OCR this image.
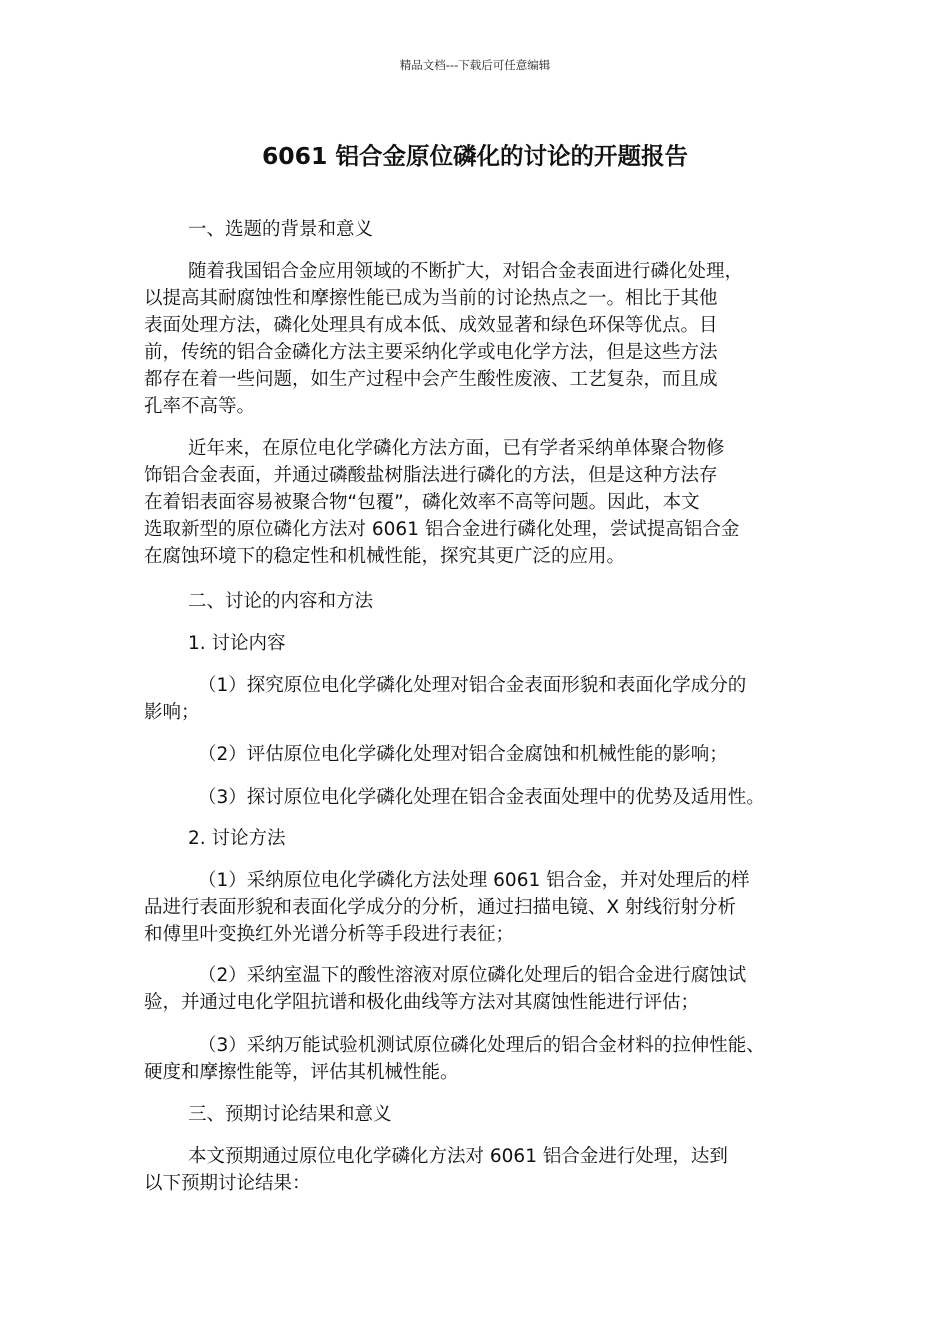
精品文档---下载后可任意编辑
6061 铝合金原位磷化的讨论的开题报告

一、选题的背景和意义

随着我国铝合金应用领域的不断扩大，对铝合金表面进行磷化处理，
以提高其耐腐蚀性和摩擦性能已成为当前的讨论热点之一。相比于其他
表面处理方法，磷化处理具有成本低、成效显著和绿色环保等优点。目
前，传统的铝合金磷化方法主要采纳化学或电化学方法，但是这些方法
都存在着一些问题，如生产过程中会产生酸性废液、工艺复杂，而且成
孔率不高等。

近年来，在原位电化学磷化方法方面，已有学者采纳单体聚合物修
饰铝合金表面，并通过磷酸盐树脂法进行磷化的方法，但是这种方法存
在着铝表面容易被聚合物“包覆”，磷化效率不高等问题。因此，本文
选取新型的原位磷化方法对 6061 铝合金进行磷化处理，尝试提高铝合金
在腐蚀环境下的稳定性和机械性能，探究其更广泛的应用。

二、讨论的内容和方法

1. 讨论内容

（1）探究原位电化学磷化处理对铝合金表面形貌和表面化学成分的
影响；

（2）评估原位电化学磷化处理对铝合金腐蚀和机械性能的影响；

（3）探讨原位电化学磷化处理在铝合金表面处理中的优势及适用性。

2. 讨论方法

（1）采纳原位电化学磷化方法处理 6061 铝合金，并对处理后的样
品进行表面形貌和表面化学成分的分析，通过扫描电镜、X 射线衍射分析
和傅里叶变换红外光谱分析等手段进行表征；

（2）采纳室温下的酸性溶液对原位磷化处理后的铝合金进行腐蚀试
验，并通过电化学阻抗谱和极化曲线等方法对其腐蚀性能进行评估；

（3）采纳万能试验机测试原位磷化处理后的铝合金材料的拉伸性能、
硬度和摩擦性能等，评估其机械性能。

三、预期讨论结果和意义

本文预期通过原位电化学磷化方法对 6061 铝合金进行处理，达到
以下预期讨论结果：
